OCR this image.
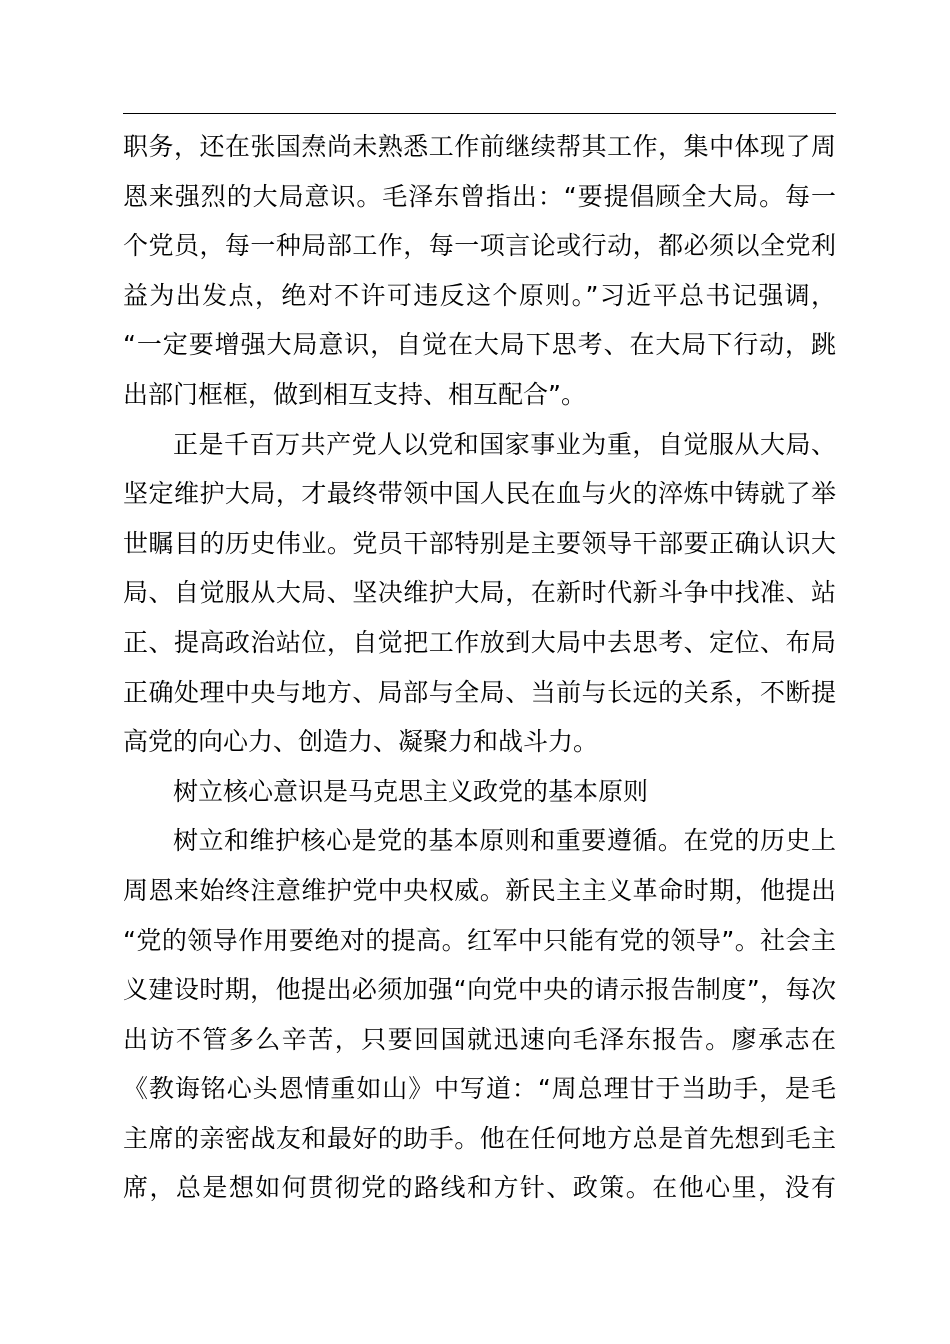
职务，还在张国焘尚未熟悉工作前继续帮其工作，集中体现了周
恩来强烈的大局意识。毛泽东曾指出：“要提倡顾全大局。每一
个党员，每一种局部工作，每一项言论或行动，都必须以全党利
益为出发点，绝对不许可违反这个原则。”习近平总书记强调，
“一定要增强大局意识，自觉在大局下思考、在大局下行动，跳
出部门框框，做到相互支持、相互配合”。
正是千百万共产党人以党和国家事业为重，自觉服从大局、
坚定维护大局，才最终带领中国人民在血与火的淬炼中铸就了举
世瞩目的历史伟业。党员干部特别是主要领导干部要正确认识大
局、自觉服从大局、坚决维护大局，在新时代新斗争中找准、站
正、提高政治站位，自觉把工作放到大局中去思考、定位、布局
正确处理中央与地方、局部与全局、当前与长远的关系，不断提
高党的向心力、创造力、凝聚力和战斗力。
树立核心意识是马克思主义政党的基本原则
树立和维护核心是党的基本原则和重要遵循。在党的历史上
周恩来始终注意维护党中央权威。新民主主义革命时期，他提出
“党的领导作用要绝对的提高。红军中只能有党的领导”。社会主
义建设时期，他提出必须加强“向党中央的请示报告制度”，每次
出访不管多么辛苦，只要回国就迅速向毛泽东报告。廖承志在
《教诲铭心头恩情重如山》中写道：“周总理甘于当助手，是毛
主席的亲密战友和最好的助手。他在任何地方总是首先想到毛主
席，总是想如何贯彻党的路线和方针、政策。在他心里，没有
